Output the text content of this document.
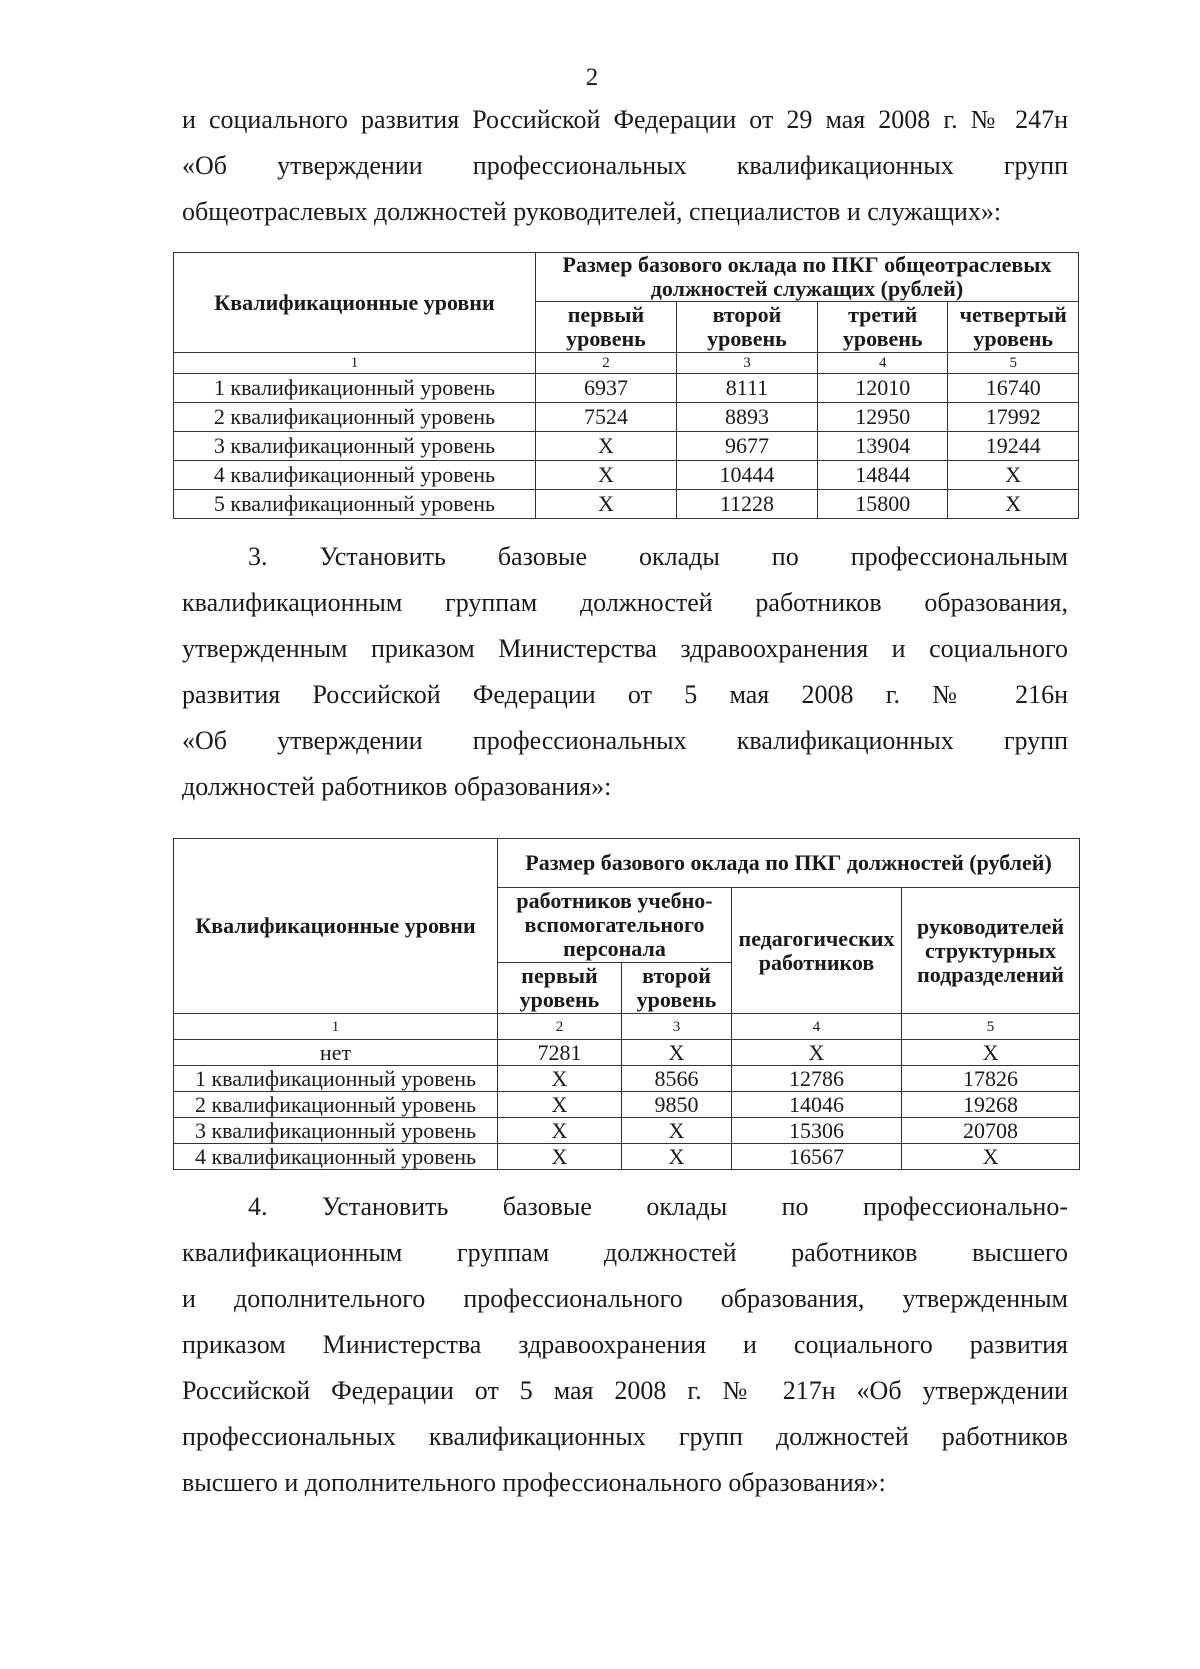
2
и социального развития Российской Федерации от 29 мая 2008 г. № 247н
«Об утверждении профессиональных квалификационных групп
общеотраслевых должностей руководителей, специалистов и служащих»:
Квалификационные уровни	Размер базового оклада по ПКГ общеотраслевых должностей служащих (рублей)			
	первый уровень	второй уровень	третий уровень	четвертый уровень
1	2	3	4	5
1 квалификационный уровень	6937	8111	12010	16740
2 квалификационный уровень	7524	8893	12950	17992
3 квалификационный уровень	Х	9677	13904	19244
4 квалификационный уровень	Х	10444	14844	Х
5 квалификационный уровень	Х	11228	15800	Х
3. Установить базовые оклады по профессиональным
квалификационным группам должностей работников образования,
утвержденным приказом Министерства здравоохранения и социального
развития Российской Федерации от 5 мая 2008 г. № 216н
«Об утверждении профессиональных квалификационных групп
должностей работников образования»:
Квалификационные уровни	Размер базового оклада по ПКГ должностей (рублей)			
	работников учебно-вспомогательного персонала		педагогических работников	руководителей структурных подразделений
	первый уровень	второй уровень		
1	2	3	4	5
нет	7281	Х	Х	Х
1 квалификационный уровень	Х	8566	12786	17826
2 квалификационный уровень	Х	9850	14046	19268
3 квалификационный уровень	Х	Х	15306	20708
4 квалификационный уровень	Х	Х	16567	Х
4. Установить базовые оклады по профессионально-
квалификационным группам должностей работников высшего
и дополнительного профессионального образования, утвержденным
приказом Министерства здравоохранения и социального развития
Российской Федерации от 5 мая 2008 г. № 217н «Об утверждении
профессиональных квалификационных групп должностей работников
высшего и дополнительного профессионального образования»:
